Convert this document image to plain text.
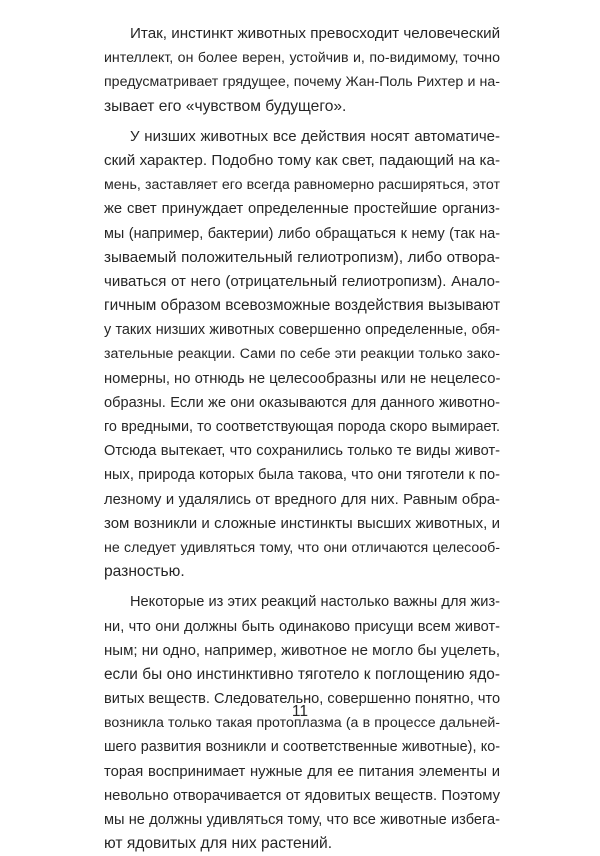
Итак, инстинкт животных превосходит человеческий
интеллект, он более верен, устойчив и, по-видимому, точно
предусматривает грядущее, почему Жан-Поль Рихтер и на-
зывает его «чувством будущего».
У низших животных все действия носят автоматиче-
ский характер. Подобно тому как свет, падающий на ка-
мень, заставляет его всегда равномерно расширяться, этот
же свет принуждает определенные простейшие организ-
мы (например, бактерии) либо обращаться к нему (так на-
зываемый положительный гелиотропизм), либо отвора-
чиваться от него (отрицательный гелиотропизм). Анало-
гичным образом всевозможные воздействия вызывают
у таких низших животных совершенно определенные, обя-
зательные реакции. Сами по себе эти реакции только зако-
номерны, но отнюдь не целесообразны или не нецелесо-
образны. Если же они оказываются для данного животно-
го вредными, то соответствующая порода скоро вымирает.
Отсюда вытекает, что сохранились только те виды живот-
ных, природа которых была такова, что они тяготели к по-
лезному и удалялись от вредного для них. Равным обра-
зом возникли и сложные инстинкты высших животных, и
не следует удивляться тому, что они отличаются целесооб-
разностью.
Некоторые из этих реакций настолько важны для жиз-
ни, что они должны быть одинаково присущи всем живот-
ным; ни одно, например, животное не могло бы уцелеть,
если бы оно инстинктивно тяготело к поглощению ядо-
витых веществ. Следовательно, совершенно понятно, что
возникла только такая протоплазма (а в процессе дальней-
шего развития возникли и соответственные животные), ко-
торая воспринимает нужные для ее питания элементы и
невольно отворачивается от ядовитых веществ. Поэтому
мы не должны удивляться тому, что все животные избега-
ют ядовитых для них растений.
11
